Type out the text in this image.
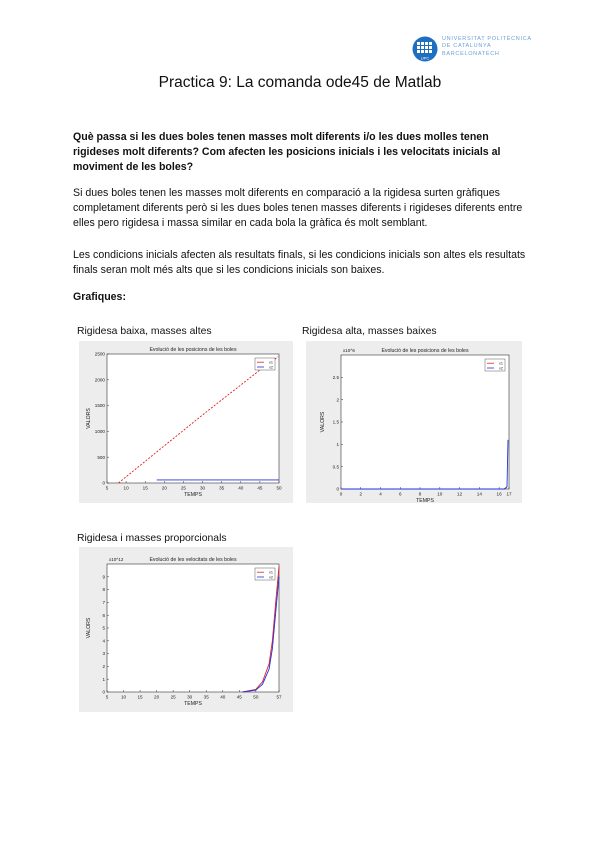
UPC
UNIVERSITAT POLITÈCNICA
DE CATALUNYA
BARCELONATECH
Practica 9: La comanda ode45 de Matlab
Què passa si les dues boles tenen masses molt diferents i/o les dues molles tenen rigideses molt diferents? Com afecten les posicions inicials i les velocitats inicials al moviment de les boles?
Si dues boles tenen les masses molt diferents en comparació a la rigidesa surten gràfiques completament diferents però si les dues boles tenen masses diferents i rigideses diferents entre elles pero rigidesa i massa similar en cada bola la gràfica és molt semblant.
Les condicions inicials afecten als resultats finals, si les condicions inicials son altes els resultats finals seran molt més alts que si les condicions inicials son baixes.
Grafiques:
Rigidesa baixa, masses altes
Evolució de les posicions de les boles
5	10	15	20	25	30	35	40	45	50
0
500
1000
1500
2000
2500
TEMPS
VALORS
x1
x2
Rigidesa alta, masses baixes
Evolució de les posicions de les boles
x10^6
0	2	4	6	8	10	12	14	16 17
0
0.5
1
1.5
2
2.5
TEMPS
VALORS
x1
x2
Rigidesa i masses proporcionals
Evolució de les velocitats de les boles
x10^12
5	10 15 20 25 30 35 40 45 50	57
0
1
2
3
4
5
6
7
8
9
TEMPS
VALORS
v1
v2
